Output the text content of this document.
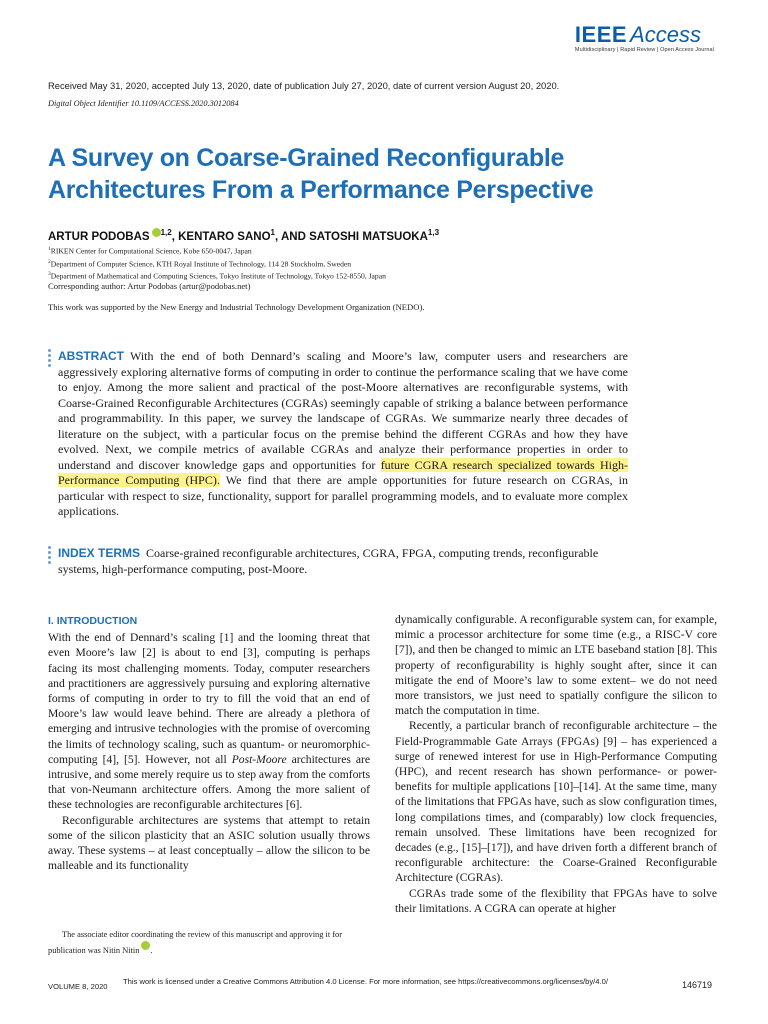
IEEE Access
Multidisciplinary | Rapid Review | Open Access Journal
Received May 31, 2020, accepted July 13, 2020, date of publication July 27, 2020, date of current version August 20, 2020.
Digital Object Identifier 10.1109/ACCESS.2020.3012084
A Survey on Coarse-Grained Reconfigurable
Architectures From a Performance Perspective
ARTUR PODOBAS $^{1,2}$, KENTARO SANO$^1$, AND SATOSHI MATSUOKA$^{1,3}$
$^1$RIKEN Center for Computational Science, Kobe 650-0047, Japan
$^2$Department of Computer Science, KTH Royal Institute of Technology, 114 28 Stockholm, Sweden
$^3$Department of Mathematical and Computing Sciences, Tokyo Institute of Technology, Tokyo 152-8550, Japan
Corresponding author: Artur Podobas (artur@podobas.net)
This work was supported by the New Energy and Industrial Technology Development Organization (NEDO).
ABSTRACT With the end of both Dennard’s scaling and Moore’s law, computer users and researchers are aggressively exploring alternative forms of computing in order to continue the performance scaling that we have come to enjoy. Among the more salient and practical of the post-Moore alternatives are reconfigurable systems, with Coarse-Grained Reconfigurable Architectures (CGRAs) seemingly capable of striking a balance between performance and programmability. In this paper, we survey the landscape of CGRAs. We summarize nearly three decades of literature on the subject, with a particular focus on the premise behind the different CGRAs and how they have evolved. Next, we compile metrics of available CGRAs and analyze their performance properties in order to understand and discover knowledge gaps and opportunities for future CGRA research specialized towards High-Performance Computing (HPC). We find that there are ample opportunities for future research on CGRAs, in particular with respect to size, functionality, support for parallel programming models, and to evaluate more complex applications.
INDEX TERMS Coarse-grained reconfigurable architectures, CGRA, FPGA, computing trends, reconfigurable systems, high-performance computing, post-Moore.
I. INTRODUCTION

With the end of Dennard’s scaling [1] and the looming threat that even Moore’s law [2] is about to end [3], computing is perhaps facing its most challenging moments. Today, computer researchers and practitioners are aggressively pursuing and exploring alternative forms of computing in order to try to fill the void that an end of Moore’s law would leave behind. There are already a plethora of emerging and intrusive technologies with the promise of overcoming the limits of technology scaling, such as quantum- or neuromorphic-computing [4], [5]. However, not all Post-Moore architectures are intrusive, and some merely require us to step away from the comforts that von-Neumann architecture offers. Among the more salient of these technologies are reconfigurable architectures [6].

Reconfigurable architectures are systems that attempt to retain some of the silicon plasticity that an ASIC solution usually throws away. These systems – at least conceptually – allow the silicon to be malleable and its functionality

dynamically configurable. A reconfigurable system can, for example, mimic a processor architecture for some time (e.g., a RISC-V core [7]), and then be changed to mimic an LTE baseband station [8]. This property of reconfigurability is highly sought after, since it can mitigate the end of Moore’s law to some extent– we do not need more transistors, we just need to spatially configure the silicon to match the computation in time.

Recently, a particular branch of reconfigurable architecture – the Field-Programmable Gate Arrays (FPGAs) [9] – has experienced a surge of renewed interest for use in High-Performance Computing (HPC), and recent research has shown performance- or power-benefits for multiple applications [10]–[14]. At the same time, many of the limitations that FPGAs have, such as slow configuration times, long compilations times, and (comparably) low clock frequencies, remain unsolved. These limitations have been recognized for decades (e.g., [15]–[17]), and have driven forth a different branch of reconfigurable architecture: the Coarse-Grained Reconfigurable Architecture (CGRAs).

CGRAs trade some of the flexibility that FPGAs have to solve their limitations. A CGRA can operate at higher

The associate editor coordinating the review of this manuscript and approving it for publication was Nitin Nitin .
VOLUME 8, 2020
This work is licensed under a Creative Commons Attribution 4.0 License. For more information, see https://creativecommons.org/licenses/by/4.0/	146719
